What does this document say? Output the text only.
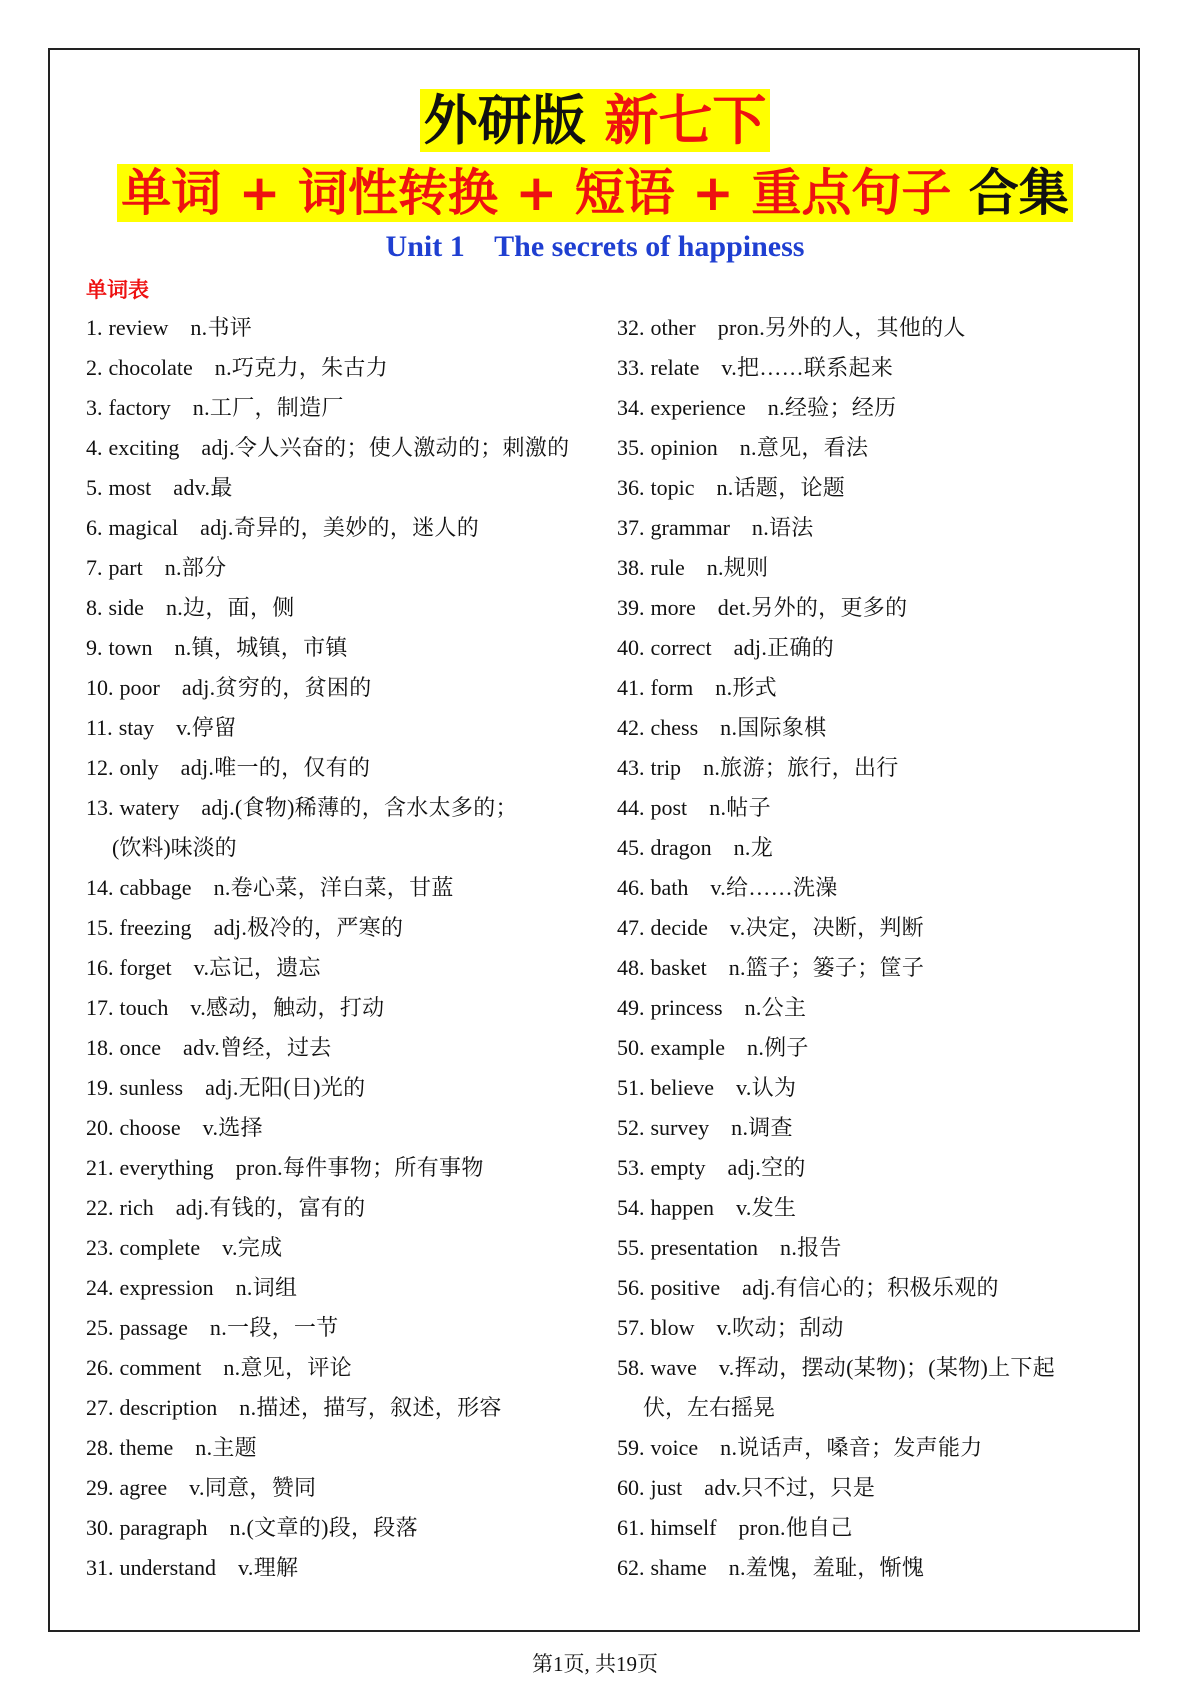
外研版 新七下
单词 + 词性转换 + 短语 + 重点句子 合集
Unit 1    The secrets of happiness
单词表
1. review n.书评
2. chocolate n.巧克力，朱古力
3. factory n.工厂，制造厂
4. exciting adj.令人兴奋的；使人激动的；刺激的
5. most adv.最
6. magical adj.奇异的，美妙的，迷人的
7. part n.部分
8. side n.边，面，侧
9. town n.镇，城镇，市镇
10. poor adj.贫穷的，贫困的
11. stay v.停留
12. only adj.唯一的，仅有的
13. watery adj.(食物)稀薄的，含水太多的；
(饮料)味淡的
14. cabbage n.卷心菜，洋白菜，甘蓝
15. freezing adj.极冷的，严寒的
16. forget v.忘记，遗忘
17. touch v.感动，触动，打动
18. once adv.曾经，过去
19. sunless adj.无阳(日)光的
20. choose v.选择
21. everything pron.每件事物；所有事物
22. rich adj.有钱的，富有的
23. complete v.完成
24. expression n.词组
25. passage n.一段，一节
26. comment n.意见，评论
27. description n.描述，描写，叙述，形容
28. theme n.主题
29. agree v.同意，赞同
30. paragraph n.(文章的)段，段落
31. understand v.理解
32. other pron.另外的人，其他的人
33. relate v.把……联系起来
34. experience n.经验；经历
35. opinion n.意见，看法
36. topic n.话题，论题
37. grammar n.语法
38. rule n.规则
39. more det.另外的，更多的
40. correct adj.正确的
41. form n.形式
42. chess n.国际象棋
43. trip n.旅游；旅行，出行
44. post n.帖子
45. dragon n.龙
46. bath v.给……洗澡
47. decide v.决定，决断，判断
48. basket n.篮子；篓子；筐子
49. princess n.公主
50. example n.例子
51. believe v.认为
52. survey n.调查
53. empty adj.空的
54. happen v.发生
55. presentation n.报告
56. positive adj.有信心的；积极乐观的
57. blow v.吹动；刮动
58. wave v.挥动，摆动(某物)；(某物)上下起
伏，左右摇晃
59. voice n.说话声，嗓音；发声能力
60. just adv.只不过，只是
61. himself pron.他自己
62. shame n.羞愧，羞耻，惭愧
第1页, 共19页
